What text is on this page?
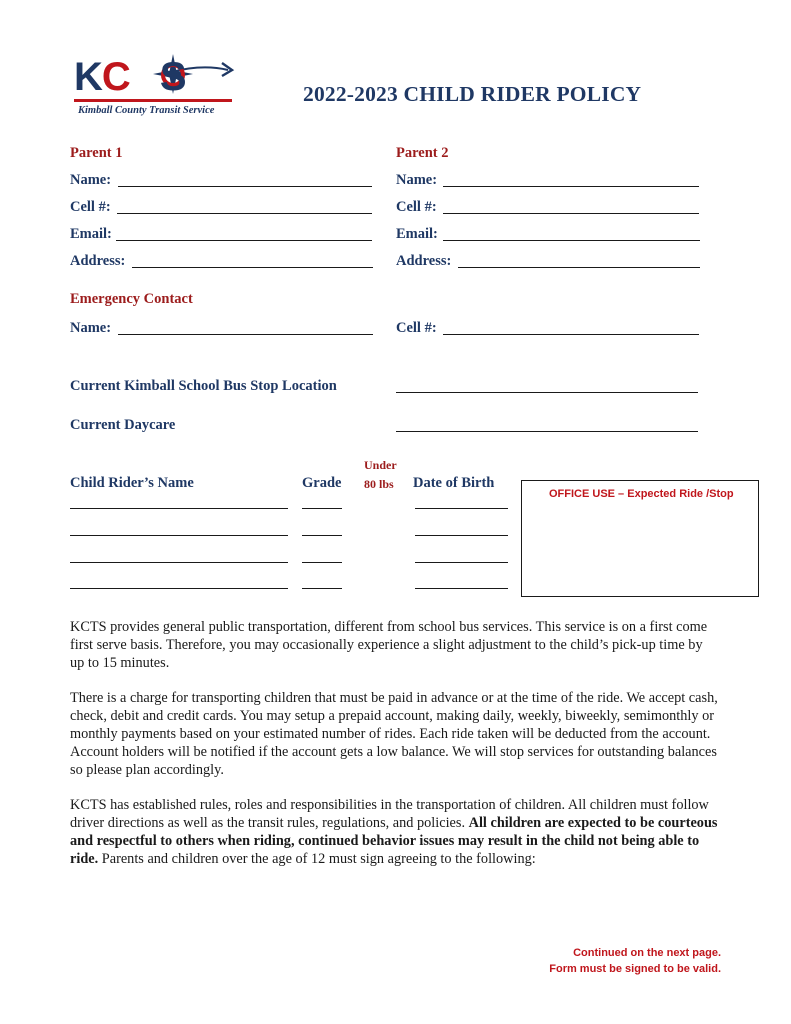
KC S
Kimball County Transit Service
2022-2023 CHILD RIDER POLICY
Parent 1
Name:
Cell #:
Email:
Address:
Parent 2
Name:
Cell #:
Email:
Address:
Emergency Contact
Name:	Cell #:
Current Kimball School Bus Stop Location
Current Daycare
Child Rider’s Name	Grade
Under
80 lbs Date of Birth
OFFICE USE – Expected Ride /Stop
KCTS provides general public transportation, different from school bus services. This service is on a first come first serve basis. Therefore, you may occasionally experience a slight adjustment to the child’s pick-up time by up to 15 minutes.
There is a charge for transporting children that must be paid in advance or at the time of the ride. We accept cash, check, debit and credit cards. You may setup a prepaid account, making daily, weekly, biweekly, semimonthly or monthly payments based on your estimated number of rides. Each ride taken will be deducted from the account. Account holders will be notified if the account gets a low balance. We will stop services for outstanding balances so please plan accordingly.
KCTS has established rules, roles and responsibilities in the transportation of children. All children must follow driver directions as well as the transit rules, regulations, and policies. All children are expected to be courteous and respectful to others when riding, continued behavior issues may result in the child not being able to ride. Parents and children over the age of 12 must sign agreeing to the following:
Continued on the next page.
Form must be signed to be valid.
